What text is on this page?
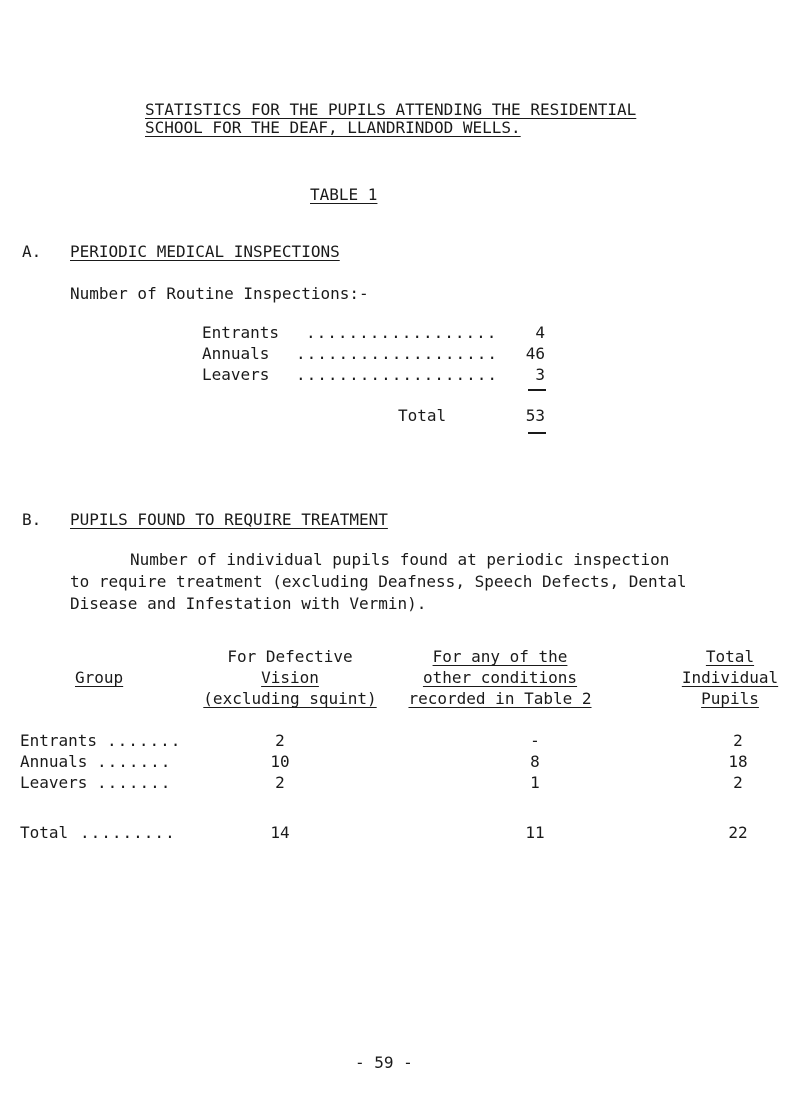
STATISTICS FOR THE PUPILS ATTENDING THE RESIDENTIAL
SCHOOL FOR THE DEAF, LLANDRINDOD WELLS.
TABLE 1
A. PERIODIC MEDICAL INSPECTIONS
Number of Routine Inspections:-
Entrants ..................	4
Annuals ...................	46
Leavers ...................	3
Total	53
B. PUPILS FOUND TO REQUIRE TREATMENT
Number of individual pupils found at periodic inspection
to require treatment (excluding Deafness, Speech Defects, Dental
Disease and Infestation with Vermin).
Group
For Defective
Vision
(excluding squint)
For any of the
other conditions
recorded in Table 2
Total
Individual
Pupils
Entrants .......	2	-	2
Annuals .......	10	8	18
Leavers .......	2	1	2
Total .........	14	11	22
- 59 -
